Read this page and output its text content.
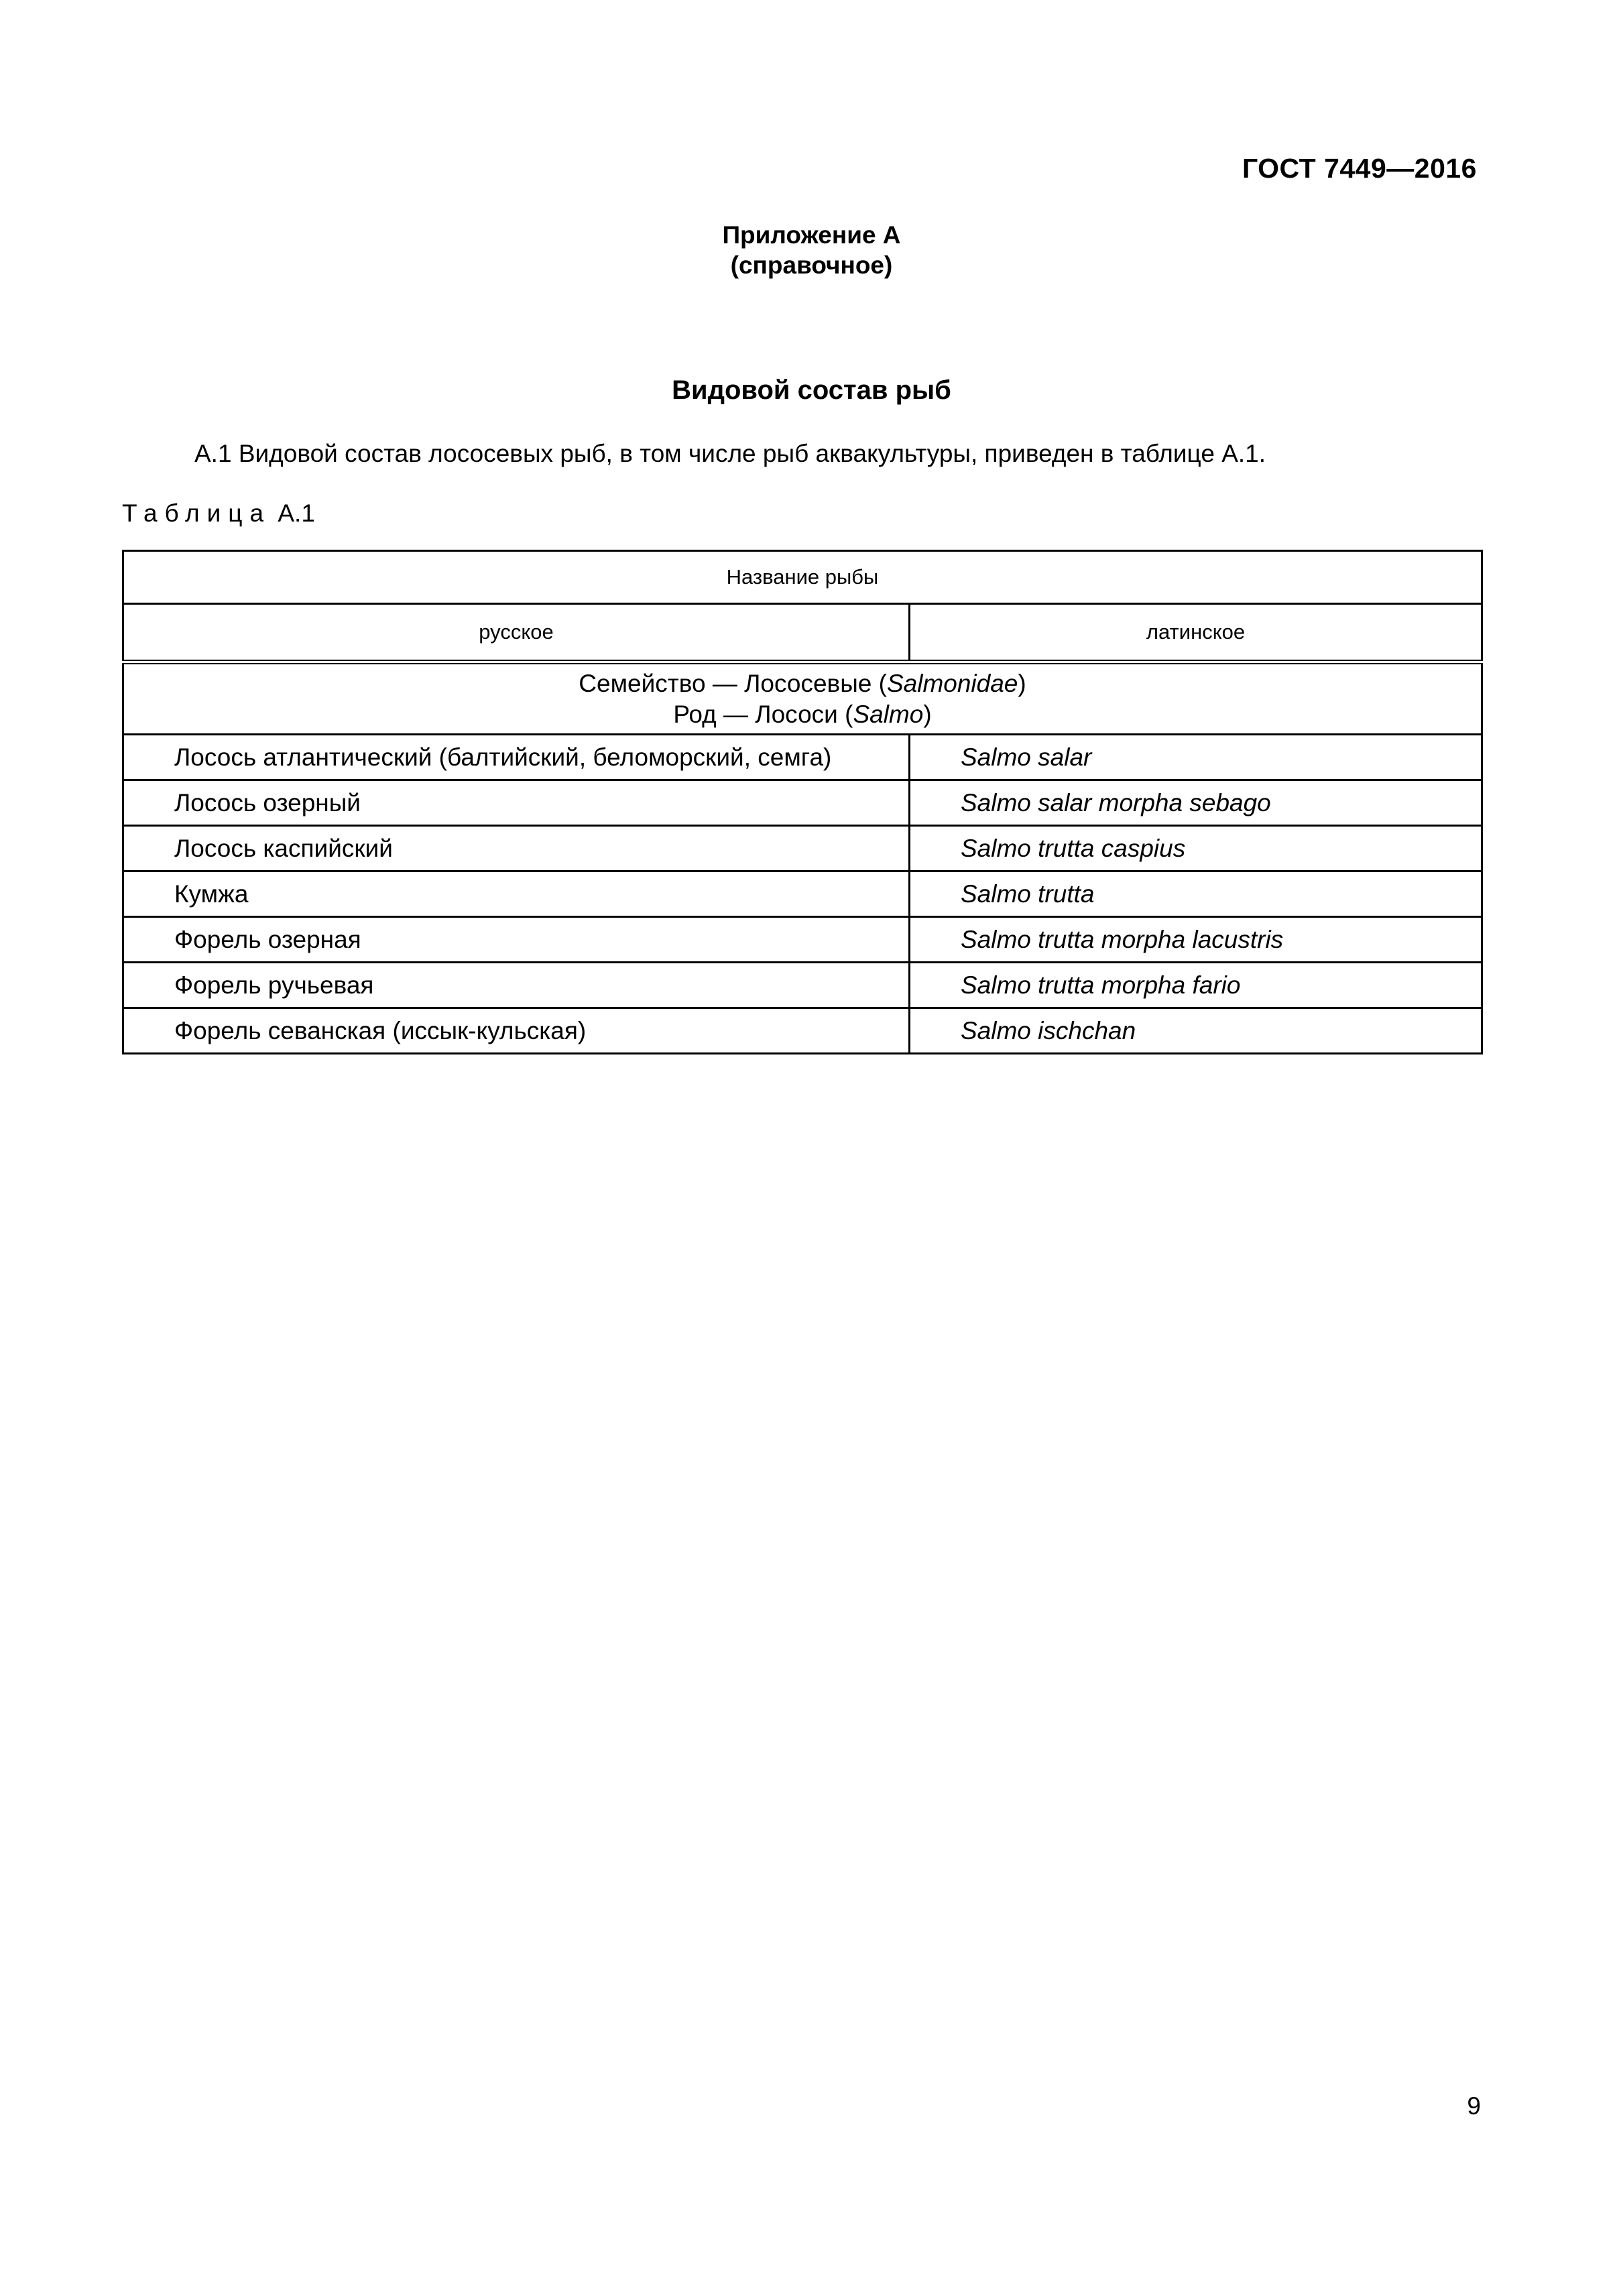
ГОСТ 7449—2016
Приложение А
(справочное)
Видовой состав рыб
А.1 Видовой состав лососевых рыб, в том числе рыб аквакультуры, приведен в таблице А.1.
Таблица А.1
Название рыбы	
русское	латинское

Семейство — Лососевые (Salmonidae)
Род — Лососи (Salmo)	

Лосось атлантический (балтийский, беломорский, семга)	Salmo salar
Лосось озерный	Salmo salar morpha sebago
Лосось каспийский	Salmo trutta caspius
Кумжа	Salmo trutta
Форель озерная	Salmo trutta morpha lacustris
Форель ручьевая	Salmo trutta morpha fario
Форель севанская (иссык-кульская)	Salmo ischchan
9
